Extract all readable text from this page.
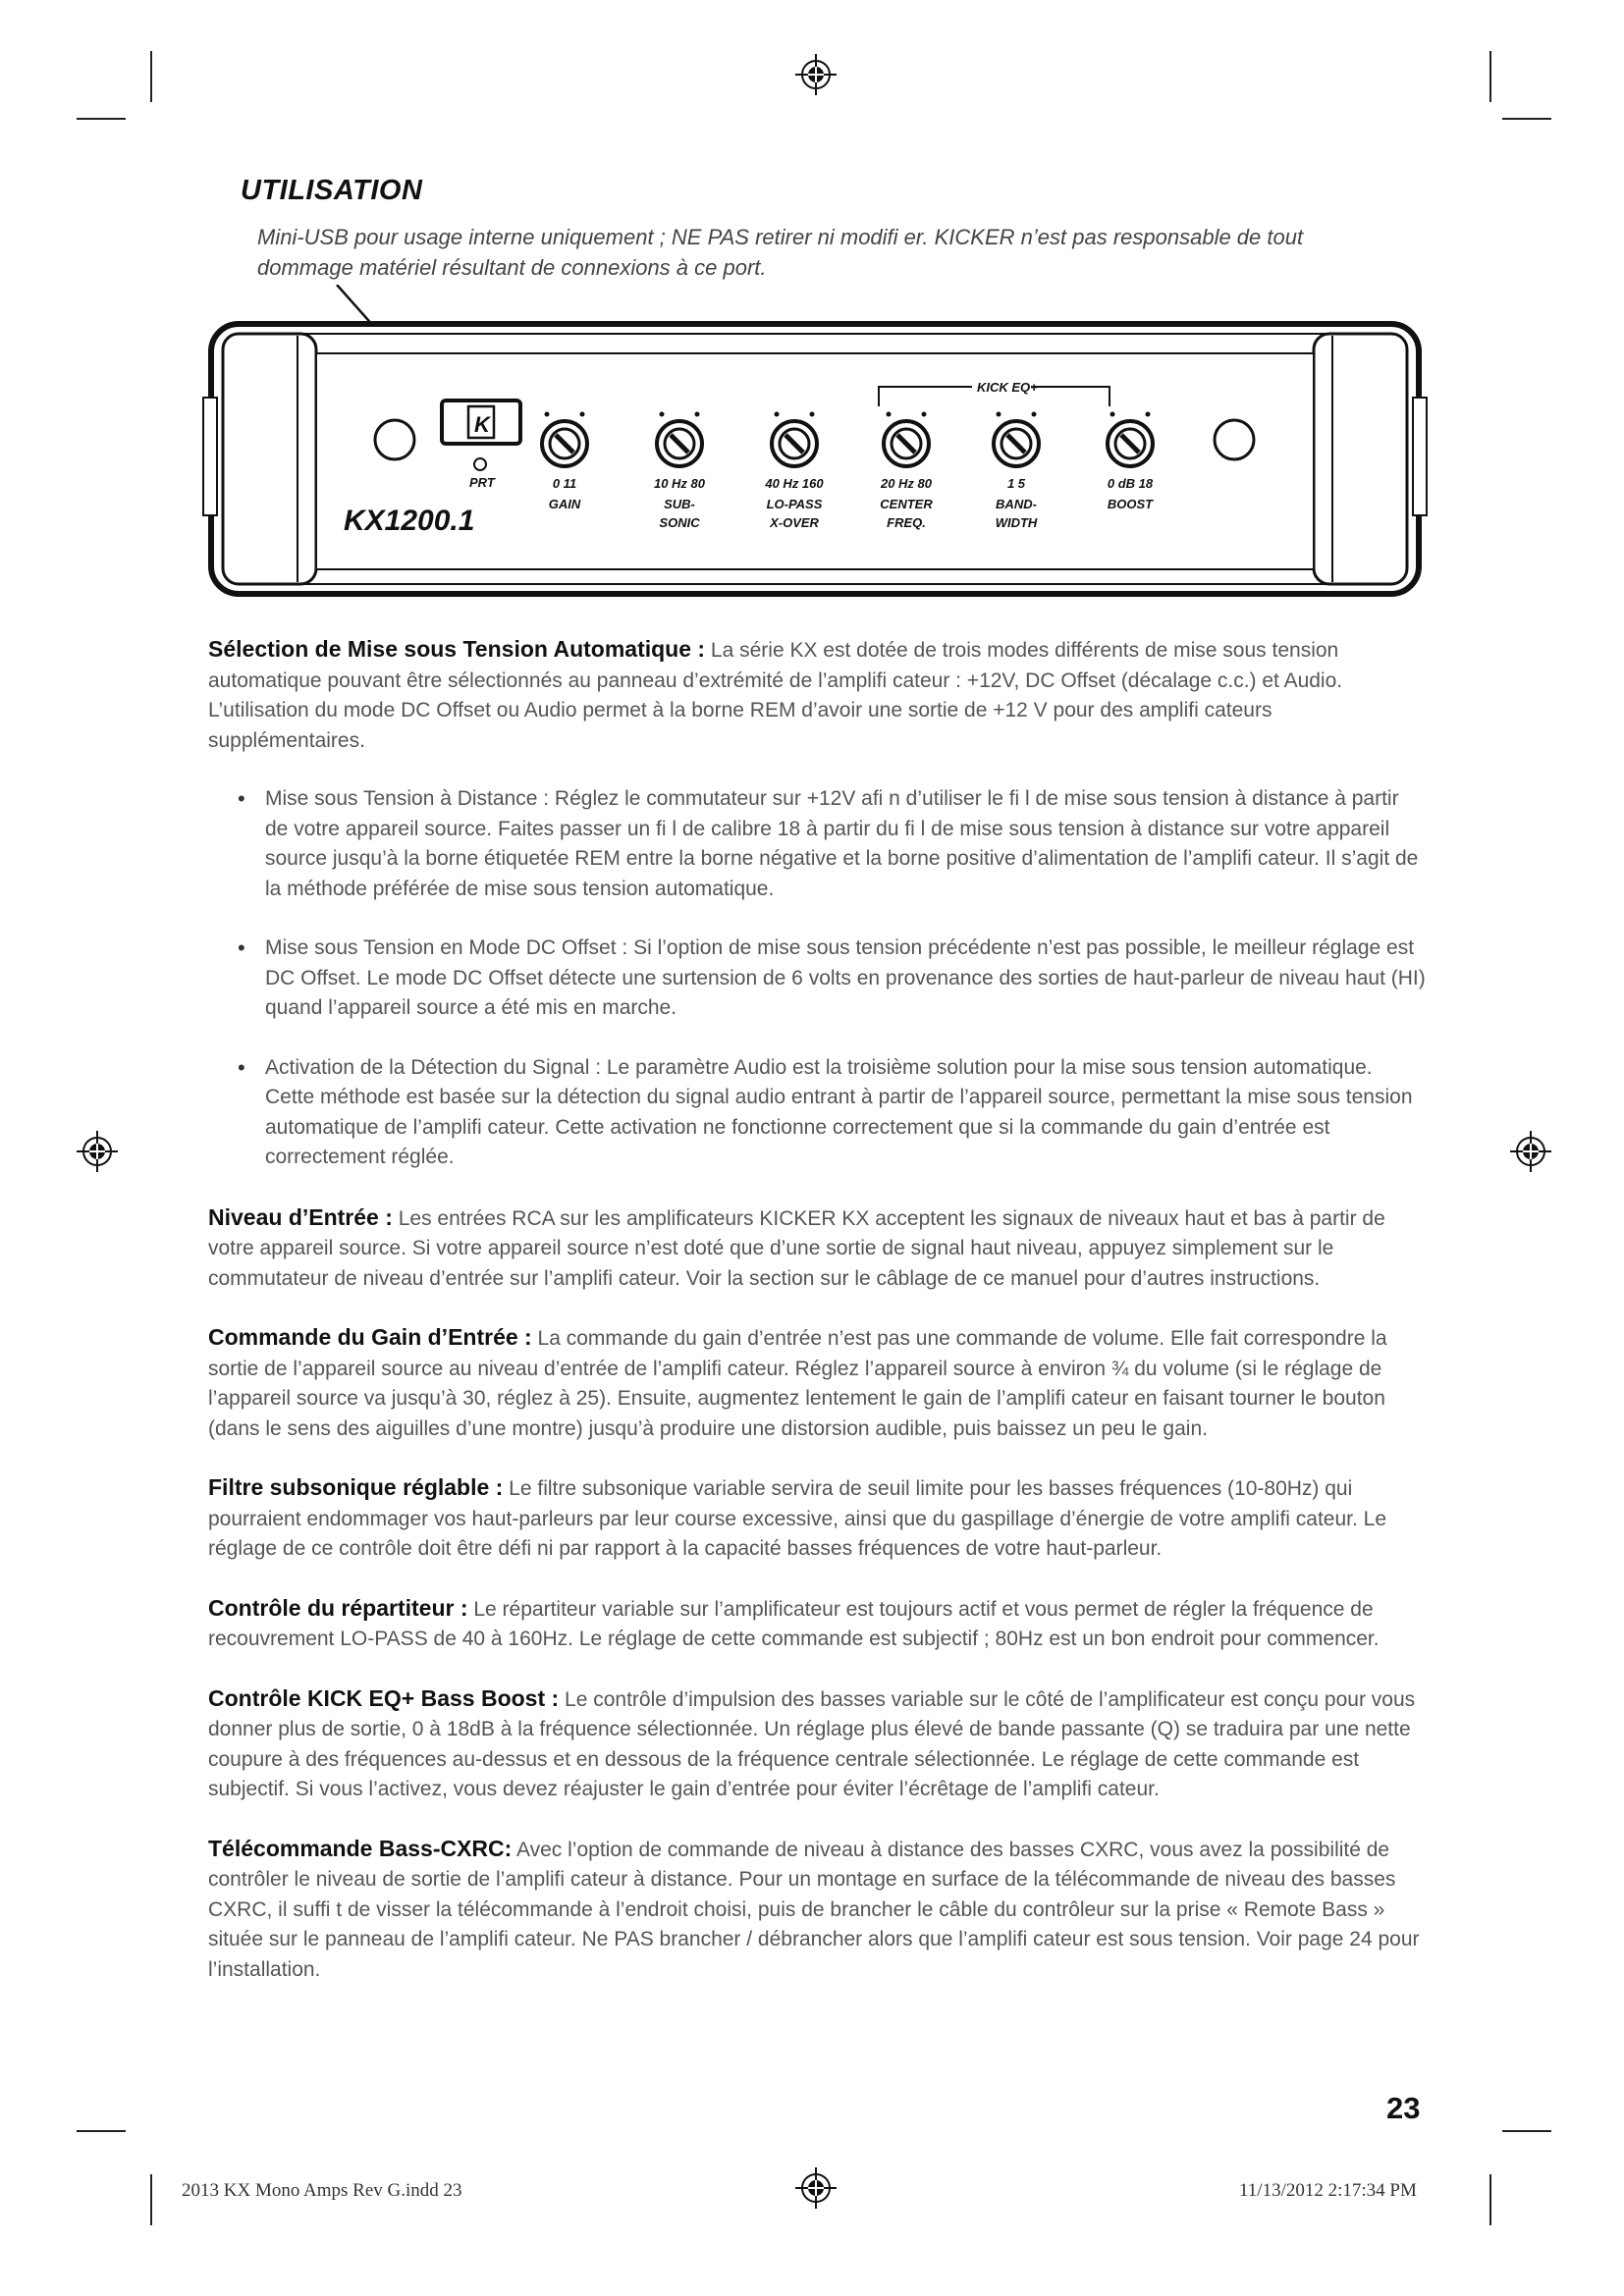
UTILISATION

Mini-USB pour usage interne uniquement ; NE PAS retirer ni modifi er. KICKER n’est pas responsable de tout dommage matériel résultant de connexions à ce port.

K
PRT
KX1200.1
KICK EQ+
0 11
GAIN
10 Hz 80
SUB-
SONIC
40 Hz 160
LO-PASS
X-OVER
20 Hz 80
CENTER
FREQ.
1 5
BAND-
WIDTH
0 dB 18
BOOST

Sélection de Mise sous Tension Automatique : La série KX est dotée de trois modes différents de mise sous tension automatique pouvant être sélectionnés au panneau d’extrémité de l’amplifi cateur : +12V, DC Offset (décalage c.c.) et Audio. L’utilisation du mode DC Offset ou Audio permet à la borne REM d’avoir une sortie de +12 V pour des amplifi cateurs supplémentaires.

• Mise sous Tension à Distance : Réglez le commutateur sur +12V afi n d’utiliser le fi l de mise sous tension à distance à partir de votre appareil source. Faites passer un fi l de calibre 18 à partir du fi l de mise sous tension à distance sur votre appareil source jusqu’à la borne étiquetée REM entre la borne négative et la borne positive d’alimentation de l’amplifi cateur. Il s’agit de la méthode préférée de mise sous tension automatique.
• Mise sous Tension en Mode DC Offset : Si l’option de mise sous tension précédente n’est pas possible, le meilleur réglage est DC Offset. Le mode DC Offset détecte une surtension de 6 volts en provenance des sorties de haut-parleur de niveau haut (HI) quand l’appareil source a été mis en marche.
• Activation de la Détection du Signal : Le paramètre Audio est la troisième solution pour la mise sous tension automatique. Cette méthode est basée sur la détection du signal audio entrant à partir de l’appareil source, permettant la mise sous tension automatique de l’amplifi cateur. Cette activation ne fonctionne correctement que si la commande du gain d’entrée est correctement réglée.

Niveau d’Entrée : Les entrées RCA sur les amplificateurs KICKER KX acceptent les signaux de niveaux haut et bas à partir de votre appareil source. Si votre appareil source n’est doté que d’une sortie de signal haut niveau, appuyez simplement sur le commutateur de niveau d’entrée sur l’amplifi cateur. Voir la section sur le câblage de ce manuel pour d’autres instructions.

Commande du Gain d’Entrée : La commande du gain d’entrée n’est pas une commande de volume. Elle fait correspondre la sortie de l’appareil source au niveau d’entrée de l’amplifi cateur. Réglez l’appareil source à environ ¾ du volume (si le réglage de l’appareil source va jusqu’à 30, réglez à 25). Ensuite, augmentez lentement le gain de l’amplifi cateur en faisant tourner le bouton (dans le sens des aiguilles d’une montre) jusqu’à produire une distorsion audible, puis baissez un peu le gain.

Filtre subsonique réglable : Le filtre subsonique variable servira de seuil limite pour les basses fréquences (10-80Hz) qui pourraient endommager vos haut-parleurs par leur course excessive, ainsi que du gaspillage d’énergie de votre amplifi cateur. Le réglage de ce contrôle doit être défi ni par rapport à la capacité basses fréquences de votre haut-parleur.

Contrôle du répartiteur : Le répartiteur variable sur l’amplificateur est toujours actif et vous permet de régler la fréquence de recouvrement LO-PASS de 40 à 160Hz. Le réglage de cette commande est subjectif ; 80Hz est un bon endroit pour commencer.

Contrôle KICK EQ+ Bass Boost : Le contrôle d’impulsion des basses variable sur le côté de l’amplificateur est conçu pour vous donner plus de sortie, 0 à 18dB à la fréquence sélectionnée. Un réglage plus élevé de bande passante (Q) se traduira par une nette coupure à des fréquences au-dessus et en dessous de la fréquence centrale sélectionnée. Le réglage de cette commande est subjectif. Si vous l’activez, vous devez réajuster le gain d’entrée pour éviter l’écrêtage de l’amplifi cateur.

Télécommande Bass-CXRC: Avec l’option de commande de niveau à distance des basses CXRC, vous avez la possibilité de contrôler le niveau de sortie de l’amplifi cateur à distance. Pour un montage en surface de la télécommande de niveau des basses CXRC, il suffi t de visser la télécommande à l’endroit choisi, puis de brancher le câble du contrôleur sur la prise « Remote Bass » située sur le panneau de l’amplifi cateur. Ne PAS brancher / débrancher alors que l’amplifi cateur est sous tension. Voir page 24 pour l’installation.

23
2013 KX Mono Amps Rev G.indd 23	11/13/2012 2:17:34 PM
